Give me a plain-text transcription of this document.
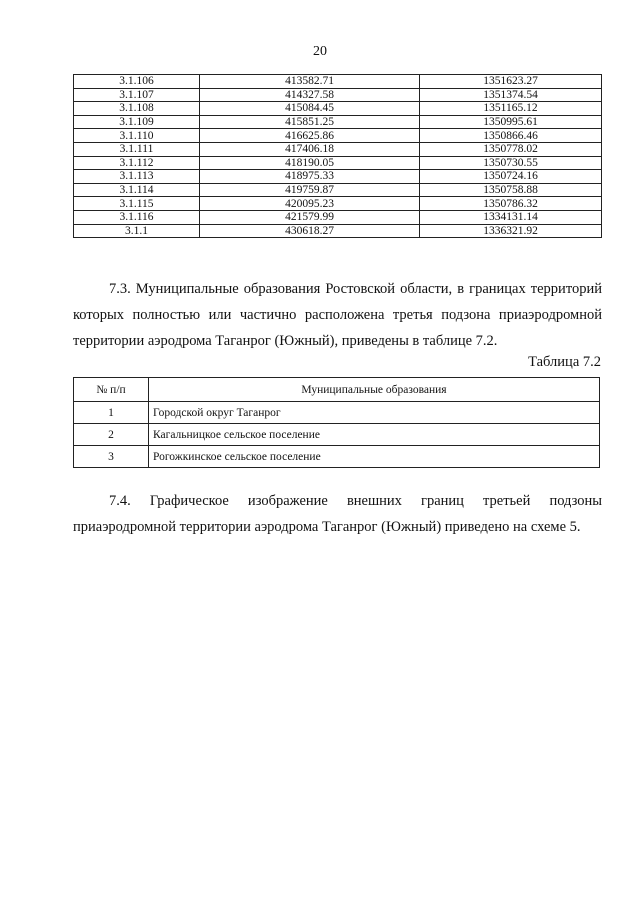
20
3.1.106	413582.71	1351623.27
3.1.107	414327.58	1351374.54
3.1.108	415084.45	1351165.12
3.1.109	415851.25	1350995.61
3.1.110	416625.86	1350866.46
3.1.111	417406.18	1350778.02
3.1.112	418190.05	1350730.55
3.1.113	418975.33	1350724.16
3.1.114	419759.87	1350758.88
3.1.115	420095.23	1350786.32
3.1.116	421579.99	1334131.14
3.1.1	430618.27	1336321.92
7.3. Муниципальные образования Ростовской области, в границах территорий которых полностью или частично расположена третья подзона приаэродромной территории аэродрома Таганрог (Южный), приведены в таблице 7.2.
Таблица 7.2
№ п/п	Муниципальные образования
1	Городской округ Таганрог
2	Кагальницкое сельское поселение
3	Рогожкинское сельское поселение
7.4. Графическое изображение внешних границ третьей подзоны приаэродромной территории аэродрома Таганрог (Южный) приведено на схеме 5.
